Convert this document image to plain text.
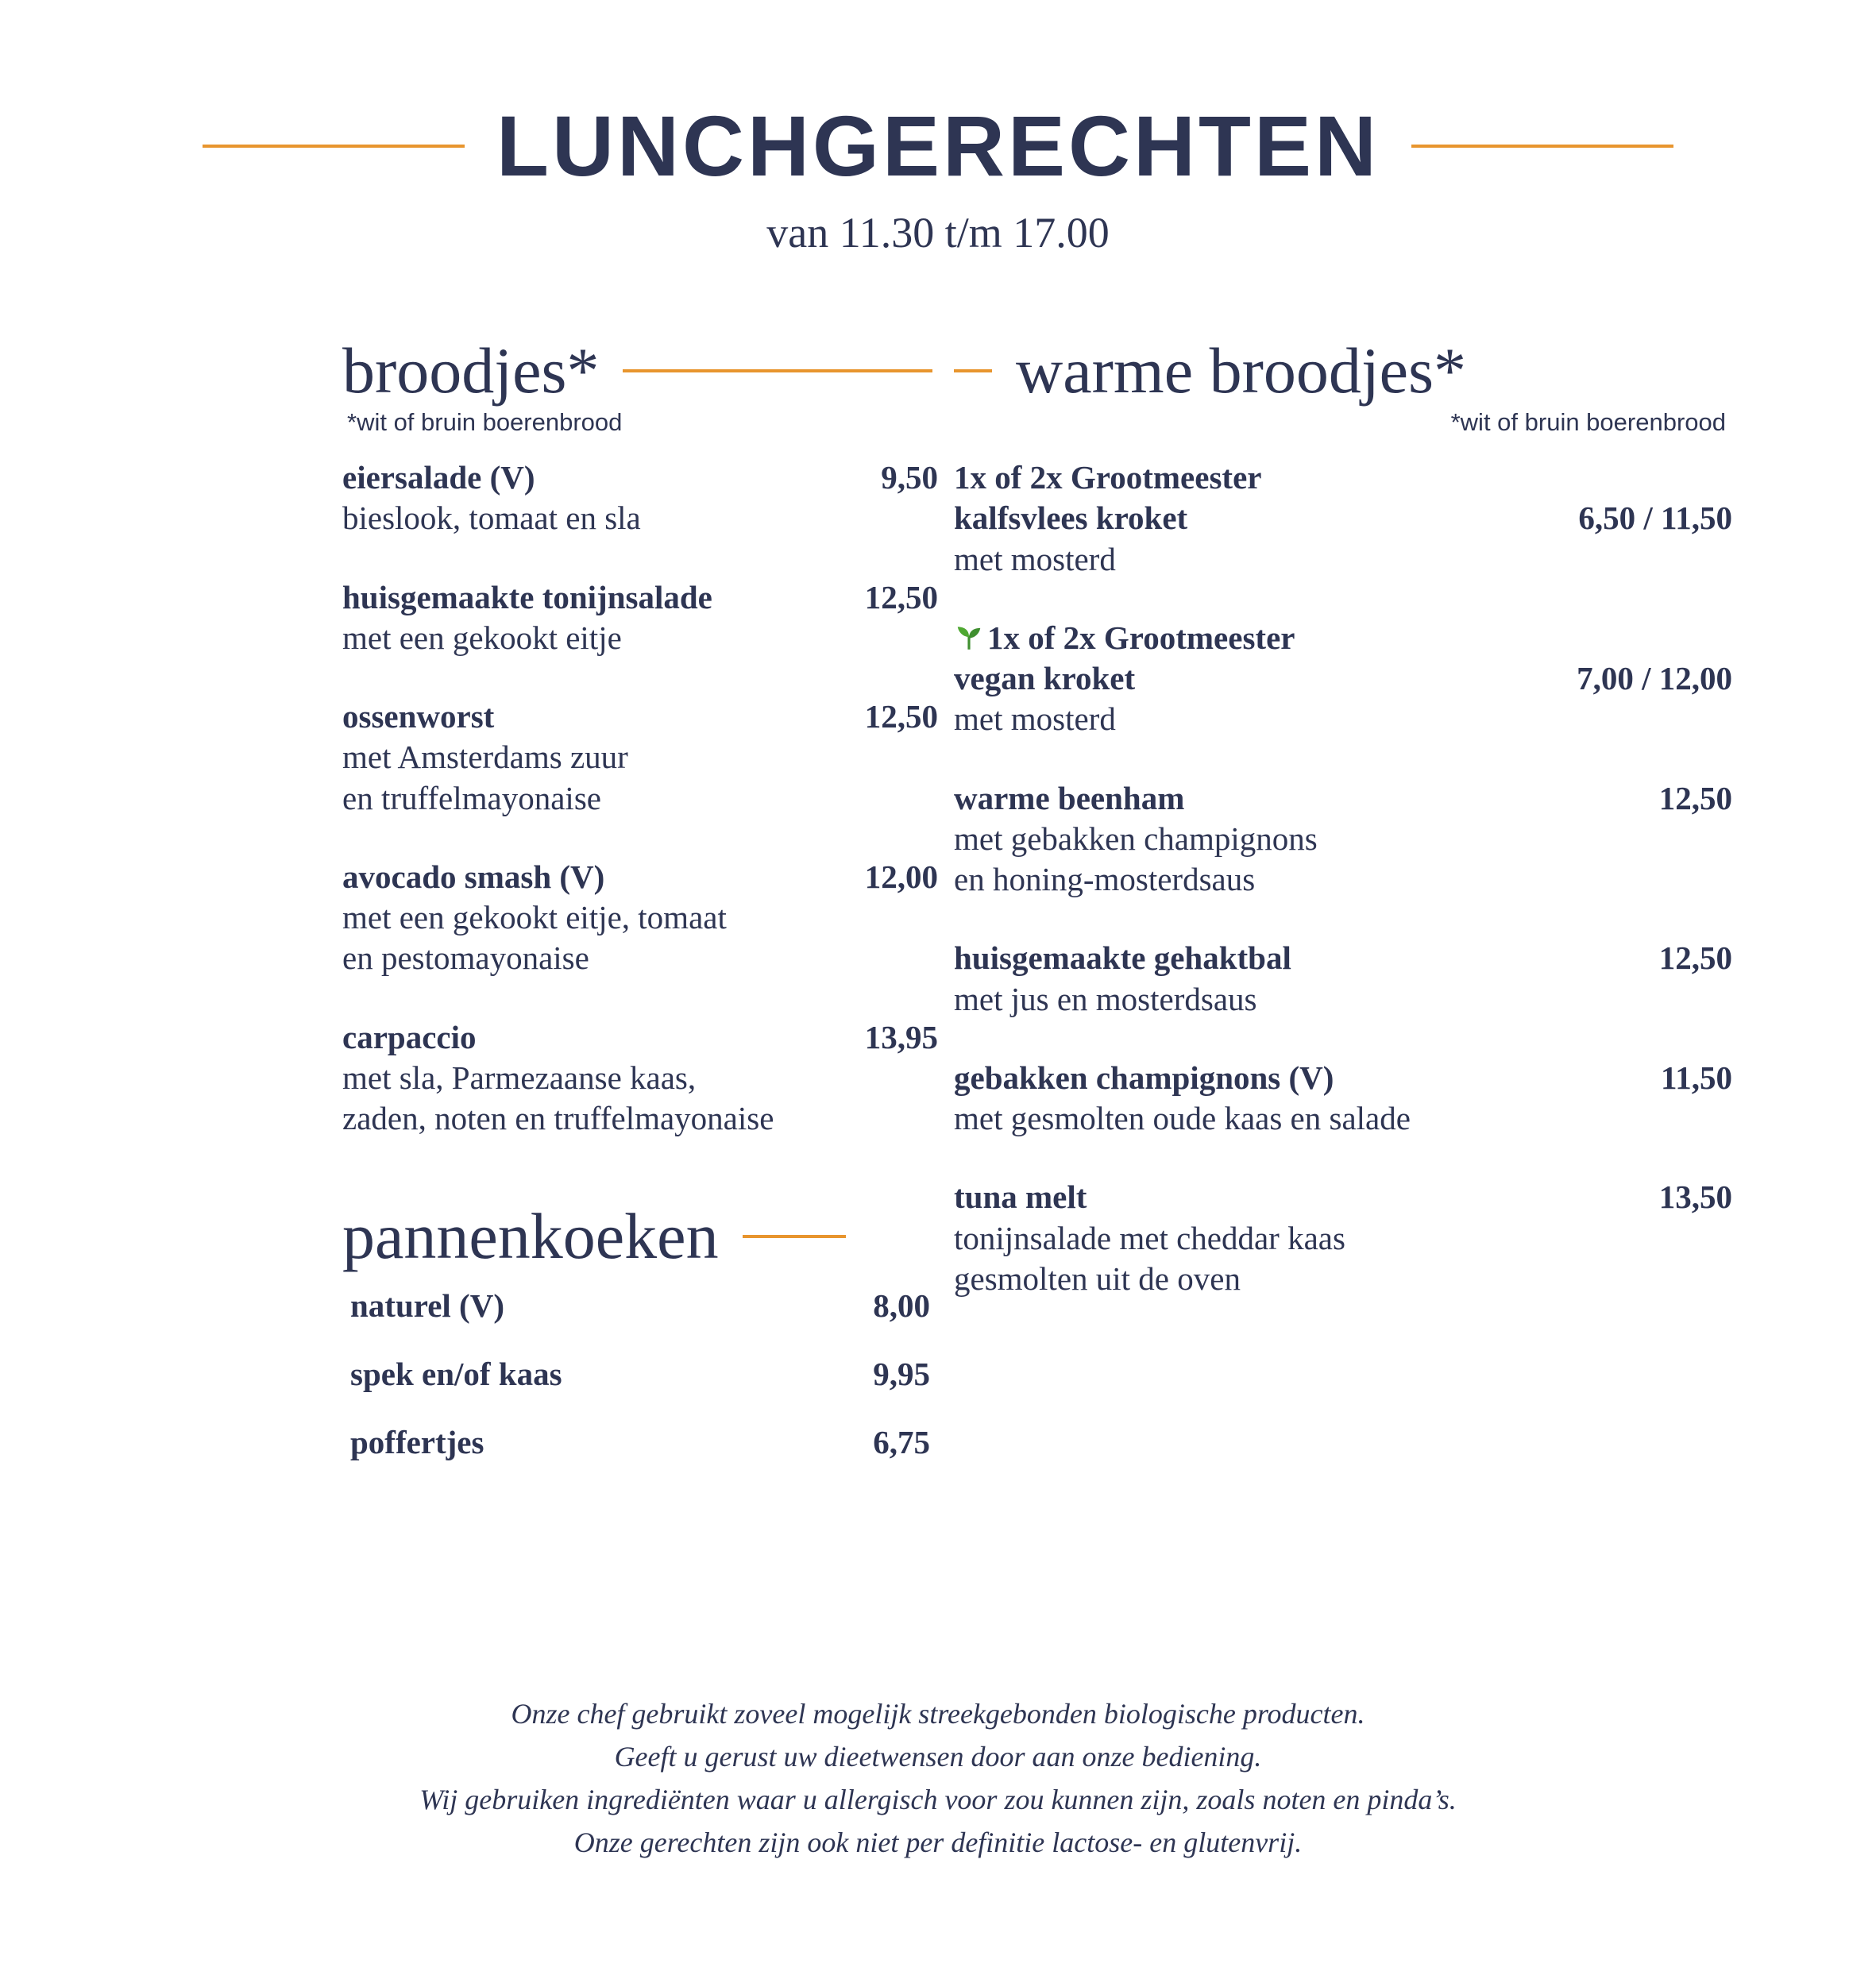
LUNCHGERECHTEN
van 11.30 t/m 17.00
broodjes*
*wit of bruin boerenbrood
eiersalade (V)	9,50
bieslook, tomaat en sla
huisgemaakte tonijnsalade	12,50
met een gekookt eitje
ossenworst	12,50
met Amsterdams zuur
en truffelmayonaise
avocado smash (V)	12,00
met een gekookt eitje, tomaat
en pestomayonaise
carpaccio	13,95
met sla, Parmezaanse kaas,
zaden, noten en truffelmayonaise
pannenkoeken
naturel (V)	8,00
spek en/of kaas	9,95
poffertjes	6,75
warme broodjes*
*wit of bruin boerenbrood
1x of 2x Grootmeester
kalfsvlees kroket	6,50 / 11,50
met mosterd
1x of 2x Grootmeester
vegan kroket	7,00 / 12,00
met mosterd
warme beenham	12,50
met gebakken champignons
en honing-mosterdsaus
huisgemaakte gehaktbal	12,50
met jus en mosterdsaus
gebakken champignons (V)	11,50
met gesmolten oude kaas en salade
tuna melt	13,50
tonijnsalade met cheddar kaas
gesmolten uit de oven
Onze chef gebruikt zoveel mogelijk streekgebonden biologische producten.
Geeft u gerust uw dieetwensen door aan onze bediening.
Wij gebruiken ingrediënten waar u allergisch voor zou kunnen zijn, zoals noten en pinda’s.
Onze gerechten zijn ook niet per definitie lactose- en glutenvrij.
